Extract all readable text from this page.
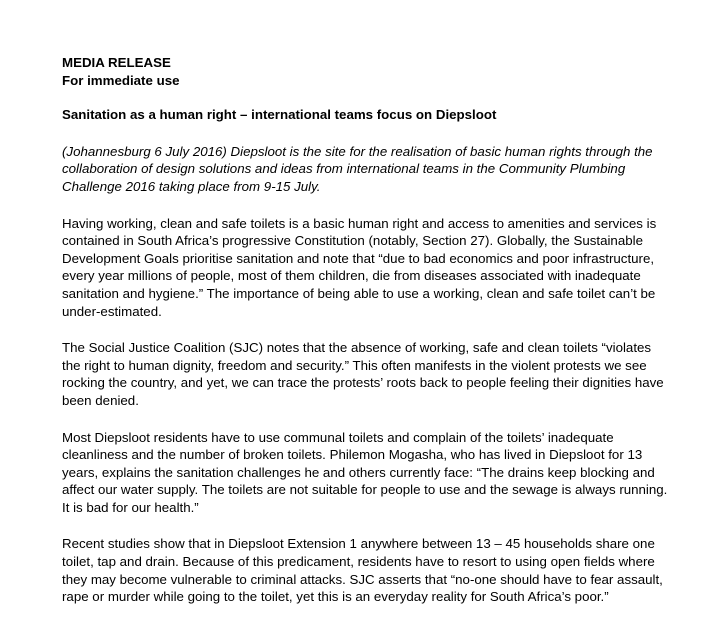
MEDIA RELEASE

For immediate use

Sanitation as a human right – international teams focus on Diepsloot

(Johannesburg 6 July 2016) Diepsloot is the site for the realisation of basic human rights through the collaboration of design solutions and ideas from international teams in the Community Plumbing Challenge 2016 taking place from 9-15 July.

Having working, clean and safe toilets is a basic human right and access to amenities and services is contained in South Africa’s progressive Constitution (notably, Section 27). Globally, the Sustainable Development Goals prioritise sanitation and note that “due to bad economics and poor infrastructure, every year millions of people, most of them children, die from diseases associated with inadequate sanitation and hygiene.” The importance of being able to use a working, clean and safe toilet can’t be under-estimated.

The Social Justice Coalition (SJC) notes that the absence of working, safe and clean toilets “violates the right to human dignity, freedom and security.” This often manifests in the violent protests we see rocking the country, and yet, we can trace the protests’ roots back to people feeling their dignities have been denied.

Most Diepsloot residents have to use communal toilets and complain of the toilets’ inadequate cleanliness and the number of broken toilets. Philemon Mogasha, who has lived in Diepsloot for 13 years, explains the sanitation challenges he and others currently face: “The drains keep blocking and affect our water supply. The toilets are not suitable for people to use and the sewage is always running. It is bad for our health.”

Recent studies show that in Diepsloot Extension 1 anywhere between 13 – 45 households share one toilet, tap and drain. Because of this predicament, residents have to resort to using open fields where they may become vulnerable to criminal attacks. SJC asserts that “no-one should have to fear assault, rape or murder while going to the toilet, yet this is an everyday reality for South Africa’s poor.”
